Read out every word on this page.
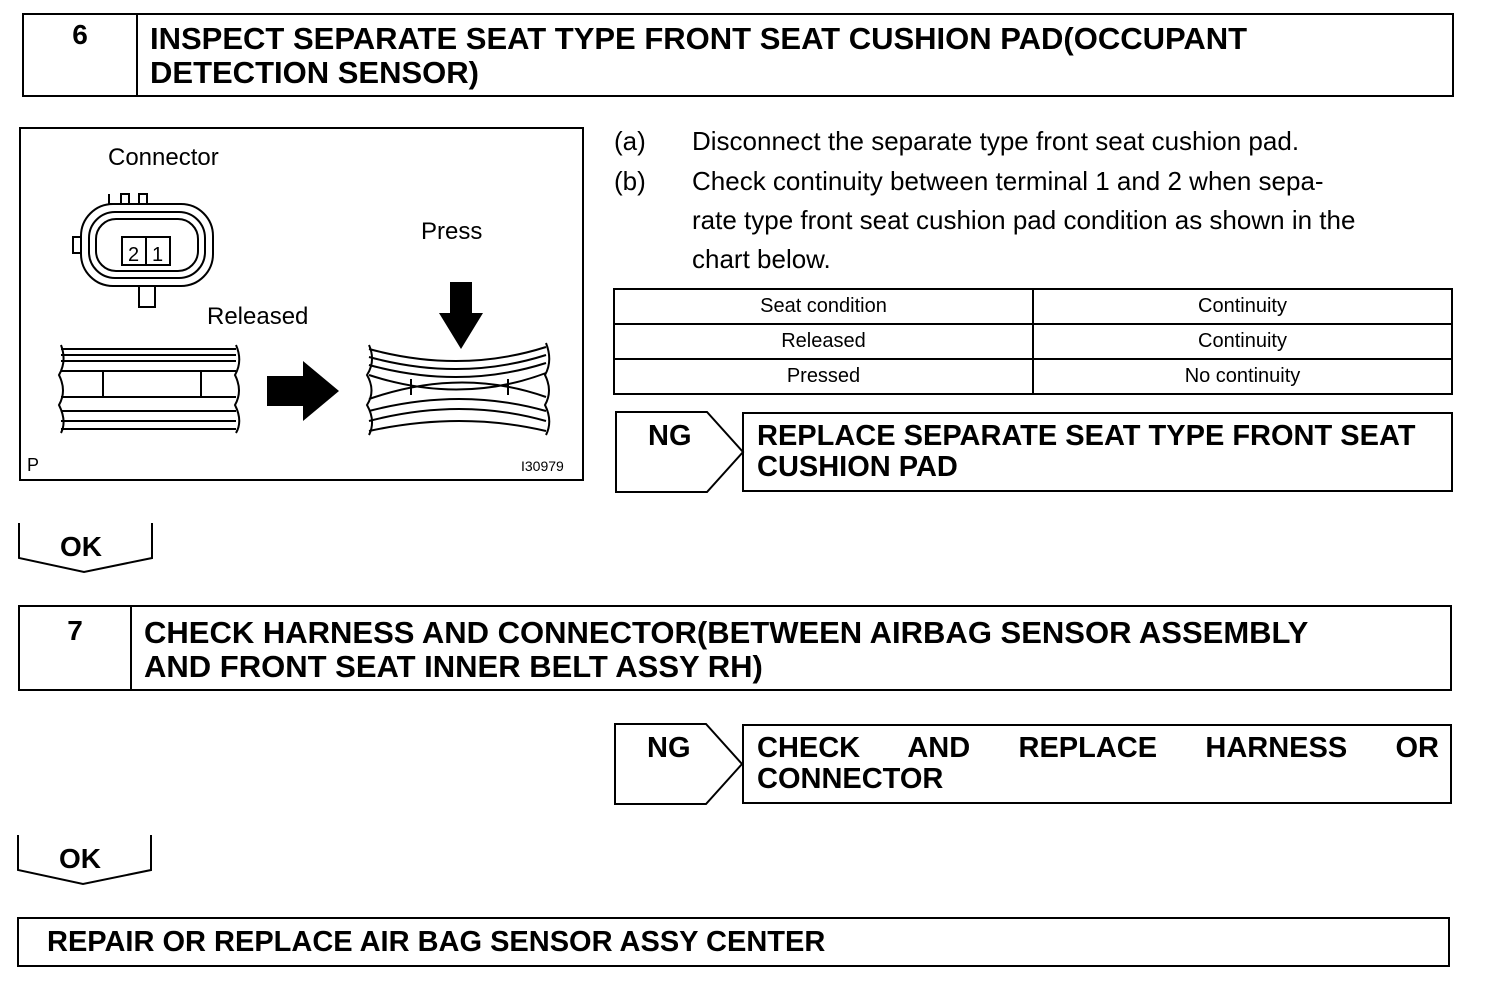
6	INSPECT SEPARATE SEAT TYPE FRONT SEAT CUSHION PAD(OCCUPANT
DETECTION SENSOR)
Connector
2 1
Press
Released
P	I30979
(a) Disconnect the separate type front seat cushion pad.
(b) Check continuity between terminal 1 and 2 when sepa-
rate type front seat cushion pad condition as shown in the
chart below.
Seat condition	Continuity
Released	Continuity
Pressed	No continuity
NG REPLACE SEPARATE SEAT TYPE FRONT SEAT
CUSHION PAD
OK
7	CHECK HARNESS AND CONNECTOR(BETWEEN AIRBAG SENSOR ASSEMBLY
AND FRONT SEAT INNER BELT ASSY RH)
NG CHECK AND REPLACE HARNESS OR
CONNECTOR
OK
REPAIR OR REPLACE AIR BAG SENSOR ASSY CENTER
